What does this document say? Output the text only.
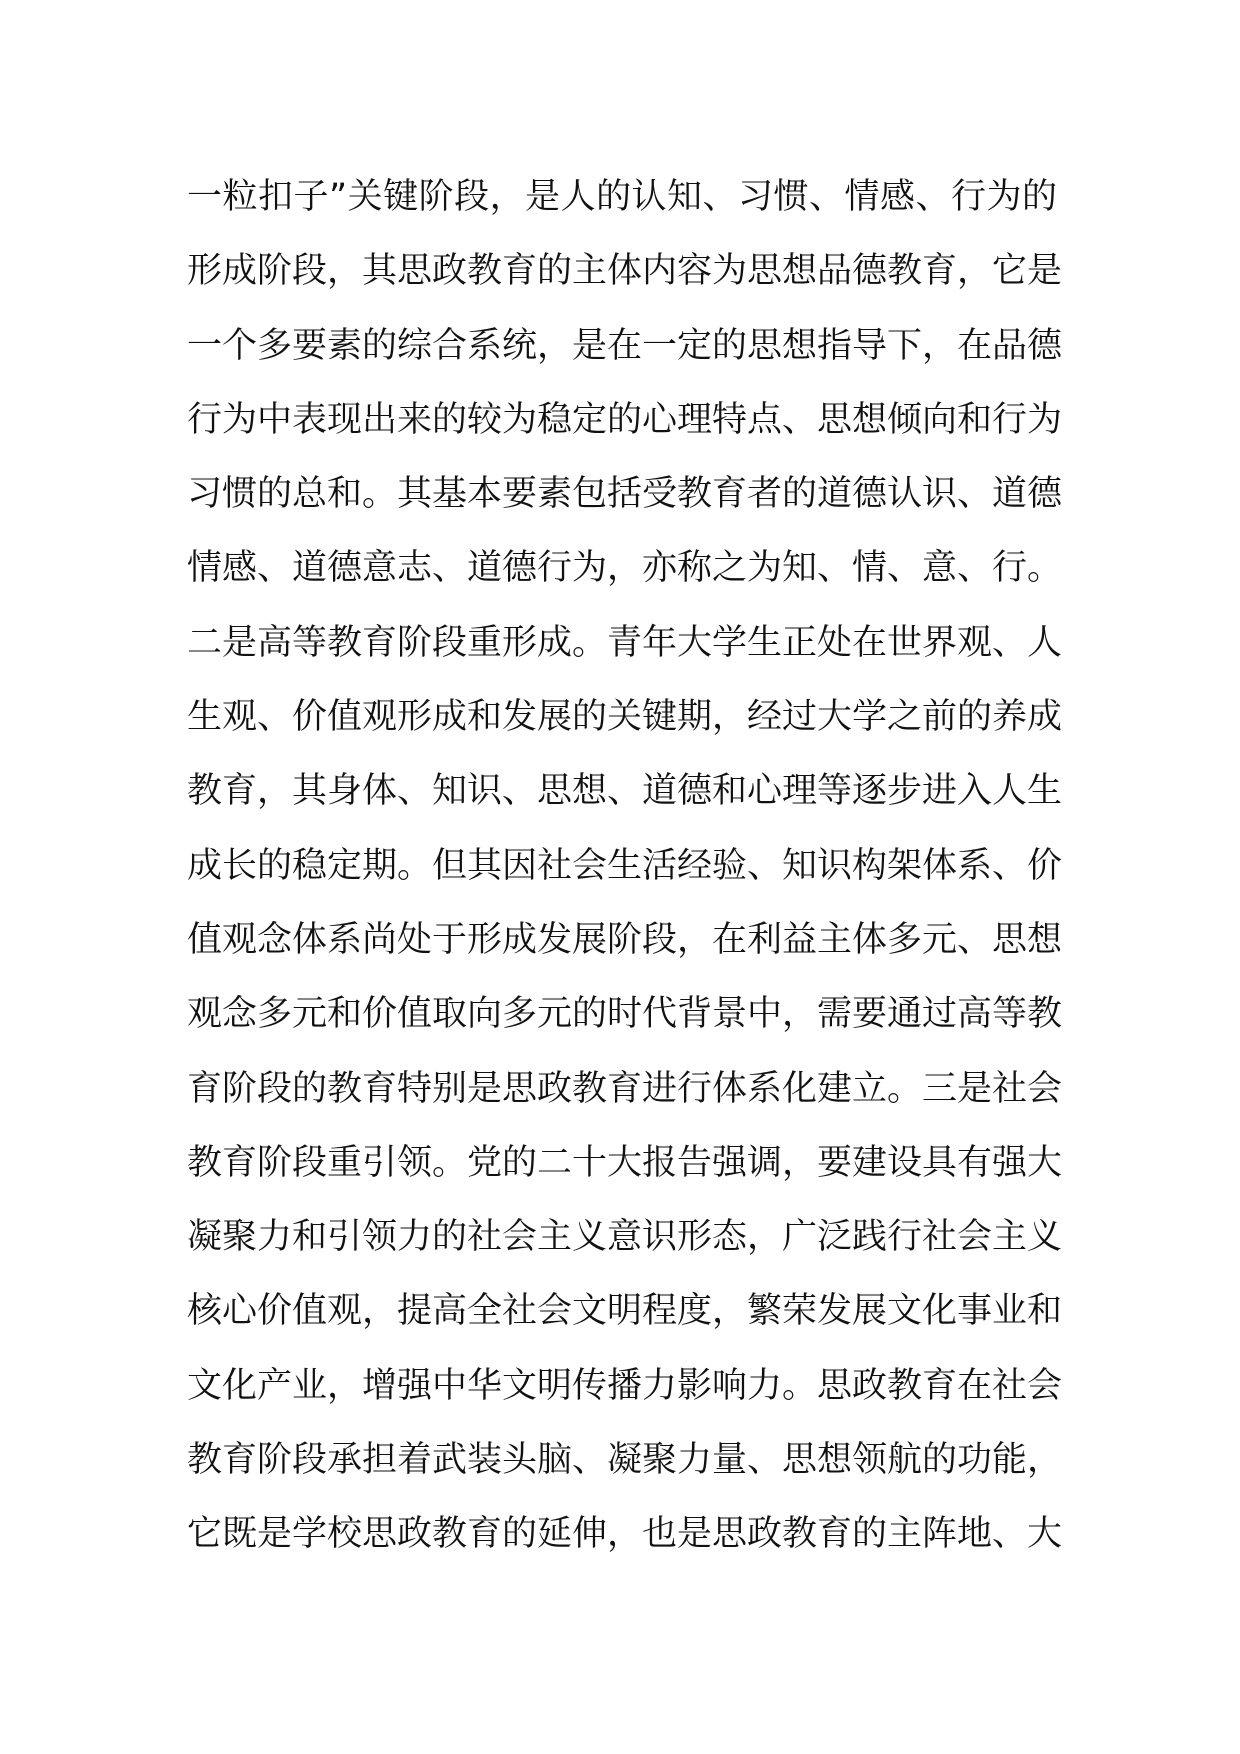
一粒扣子”关键阶段，是人的认知、习惯、情感、行为的
形成阶段，其思政教育的主体内容为思想品德教育，它是
一个多要素的综合系统，是在一定的思想指导下，在品德
行为中表现出来的较为稳定的心理特点、思想倾向和行为
习惯的总和。其基本要素包括受教育者的道德认识、道德
情感、道德意志、道德行为，亦称之为知、情、意、行。
二是高等教育阶段重形成。青年大学生正处在世界观、人
生观、价值观形成和发展的关键期，经过大学之前的养成
教育，其身体、知识、思想、道德和心理等逐步进入人生
成长的稳定期。但其因社会生活经验、知识构架体系、价
值观念体系尚处于形成发展阶段，在利益主体多元、思想
观念多元和价值取向多元的时代背景中，需要通过高等教
育阶段的教育特别是思政教育进行体系化建立。三是社会
教育阶段重引领。党的二十大报告强调，要建设具有强大
凝聚力和引领力的社会主义意识形态，广泛践行社会主义
核心价值观，提高全社会文明程度，繁荣发展文化事业和
文化产业，增强中华文明传播力影响力。思政教育在社会
教育阶段承担着武装头脑、凝聚力量、思想领航的功能，
它既是学校思政教育的延伸，也是思政教育的主阵地、大
